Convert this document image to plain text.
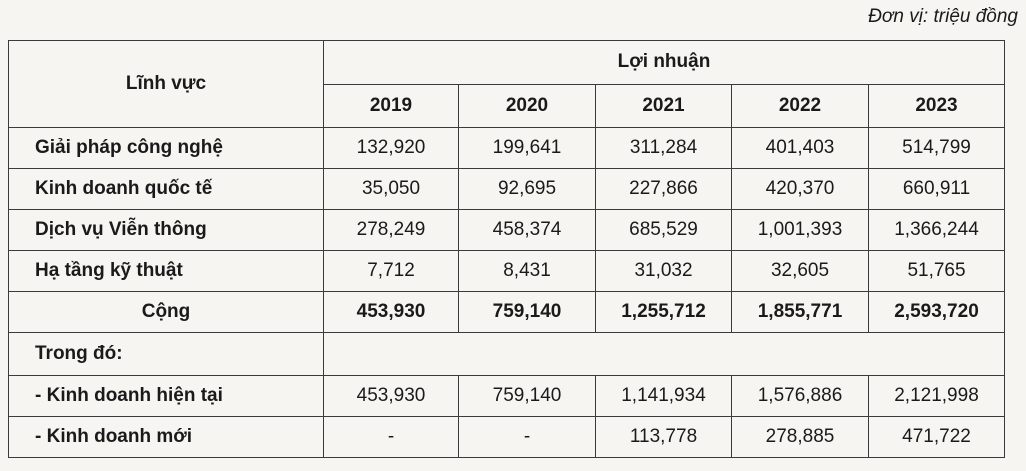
Đơn vị: triệu đồng
Lĩnh vực	Lợi nhuận				
	2019	2020	2021	2022	2023
Giải pháp công nghệ	132,920	199,641	311,284	401,403	514,799
Kinh doanh quốc tế	35,050	92,695	227,866	420,370	660,911
Dịch vụ Viễn thông	278,249	458,374	685,529	1,001,393	1,366,244
Hạ tầng kỹ thuật	7,712	8,431	31,032	32,605	51,765
Cộng	453,930	759,140	1,255,712	1,855,771	2,593,720
Trong đó:					
- Kinh doanh hiện tại	453,930	759,140	1,141,934	1,576,886	2,121,998
- Kinh doanh mới	-	-	113,778	278,885	471,722
